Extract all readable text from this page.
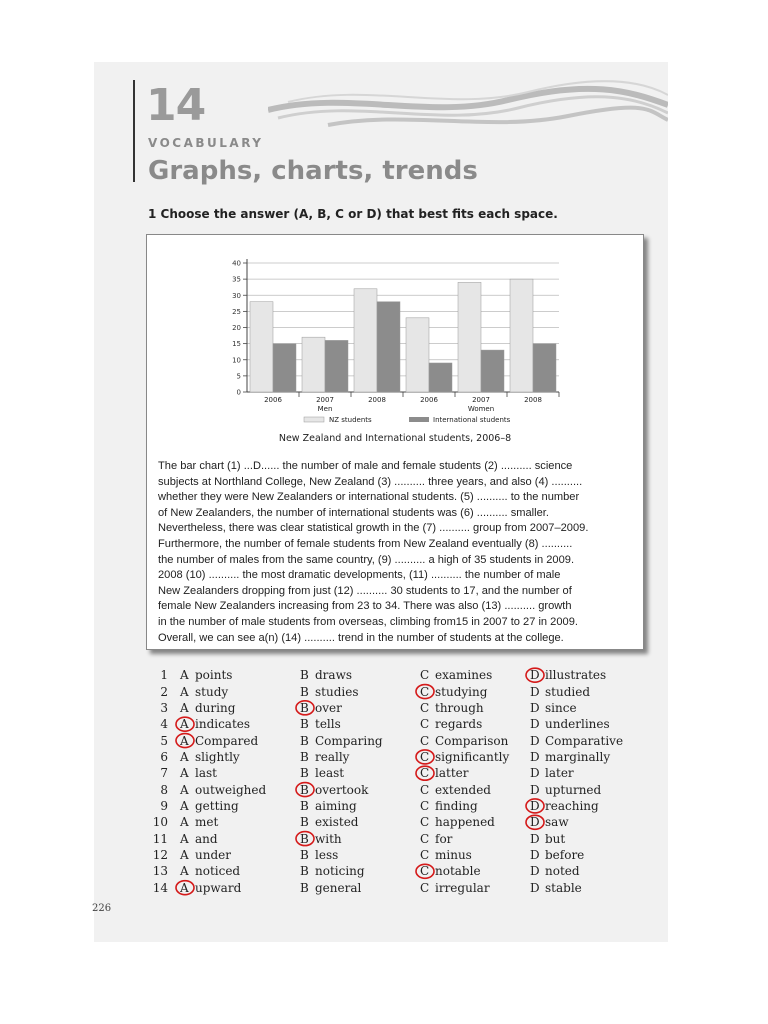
14
VOCABULARY
Graphs, charts, trends
1 Choose the answer (A, B, C or D) that best fits each space.
0
5
10
15
20
25
30
35
40
2006	2007	2008	2006	2007	2008
Men	Women
NZ students	International students
New Zealand and International students, 2006–8
The bar chart (1) ...D...... the number of male and female students (2) .......... science
subjects at Northland College, New Zealand (3) .......... three years, and also (4) ..........
whether they were New Zealanders or international students. (5) .......... to the number
of New Zealanders, the number of international students was (6) .......... smaller.
Nevertheless, there was clear statistical growth in the (7) .......... group from 2007–2009.
Furthermore, the number of female students from New Zealand eventually (8) ..........
the number of males from the same country, (9) .......... a high of 35 students in 2009.
2008 (10) .......... the most dramatic developments, (11) .......... the number of male
New Zealanders dropping from just (12) .......... 30 students to 17, and the number of
female New Zealanders increasing from 23 to 34. There was also (13) .......... growth
in the number of male students from overseas, climbing from15 in 2007 to 27 in 2009.
Overall, we can see a(n) (14) .......... trend in the number of students at the college.
1	A points	B draws	C examines	D illustrates
2	A study	B studies	C studying	D studied
3	A during	B over	C through	D since
4	A indicates	B tells	C regards	D underlines
5	A Compared	B Comparing	C Comparison	D Comparative
6	A slightly	B really	C significantly	D marginally
7	A last	B least	C latter	D later
8	A outweighed	B overtook	C extended	D upturned
9	A getting	B aiming	C finding	D reaching
10	A met	B existed	C happened	D saw
11	A and	B with	C for	D but
12	A under	B less	C minus	D before
13	A noticed	B noticing	C notable	D noted
14	A upward	B general	C irregular	D stable
226
